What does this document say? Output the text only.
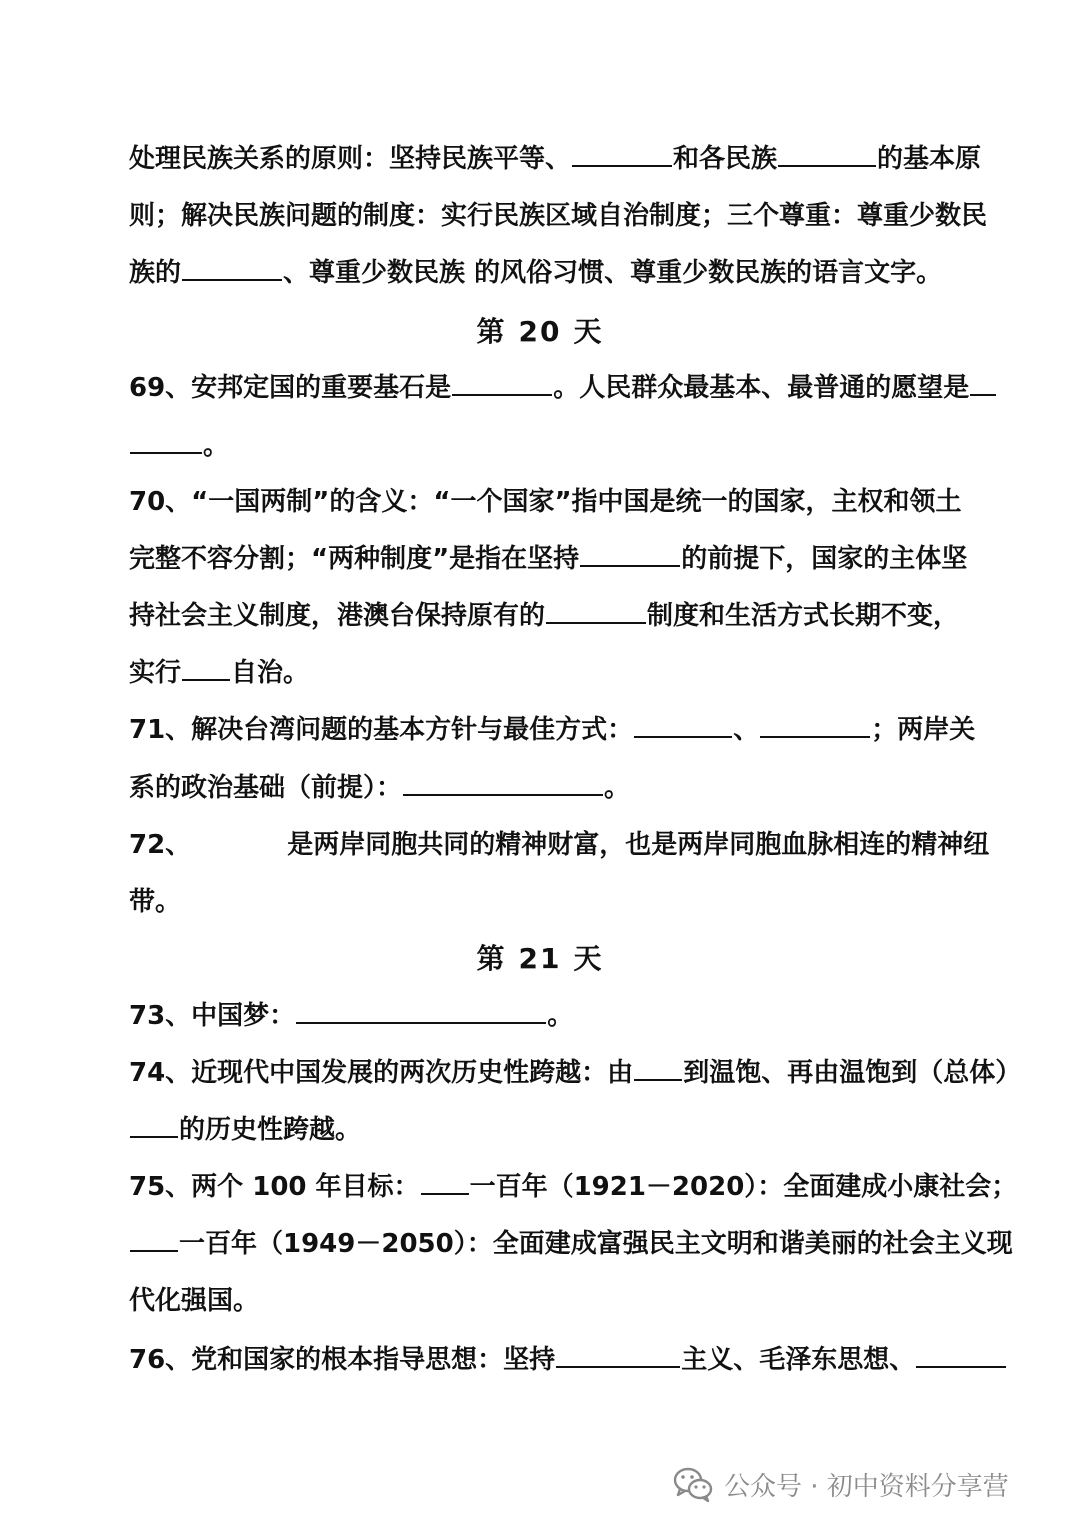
处理民族关系的原则：坚持民族平等、	和各民族	的基本原
则；解决民族问题的制度：实行民族区域自治制度；三个尊重：尊重少数民
族的	、尊重少数民族 的风俗习惯、尊重少数民族的语言文字。
第 20 天
69、安邦定国的重要基石是	。人民群众最基本、最普通的愿望是
。
70、“一国两制”的含义：“一个国家”指中国是统一的国家，主权和领土
完整不容分割；“两种制度”是指在坚持	的前提下，国家的主体坚
持社会主义制度，港澳台保持原有的	制度和生活方式长期不变，
实行 自治。
71、解决台湾问题的基本方针与最佳方式：	、	；两岸关
系的政治基础（前提）：	。
72、	是两岸同胞共同的精神财富，也是两岸同胞血脉相连的精神纽
带。
第 21 天
73、中国梦：	。
74、近现代中国发展的两次历史性跨越：由 到温饱、再由温饱到（总体）
的历史性跨越。
75、两个 100 年目标： 一百年（1921－2020）：全面建成小康社会；
一百年（1949－2050）：全面建成富强民主文明和谐美丽的社会主义现
代化强国。
76、党和国家的根本指导思想：坚持	主义、毛泽东思想、
公众号 · 初中资料分享营
